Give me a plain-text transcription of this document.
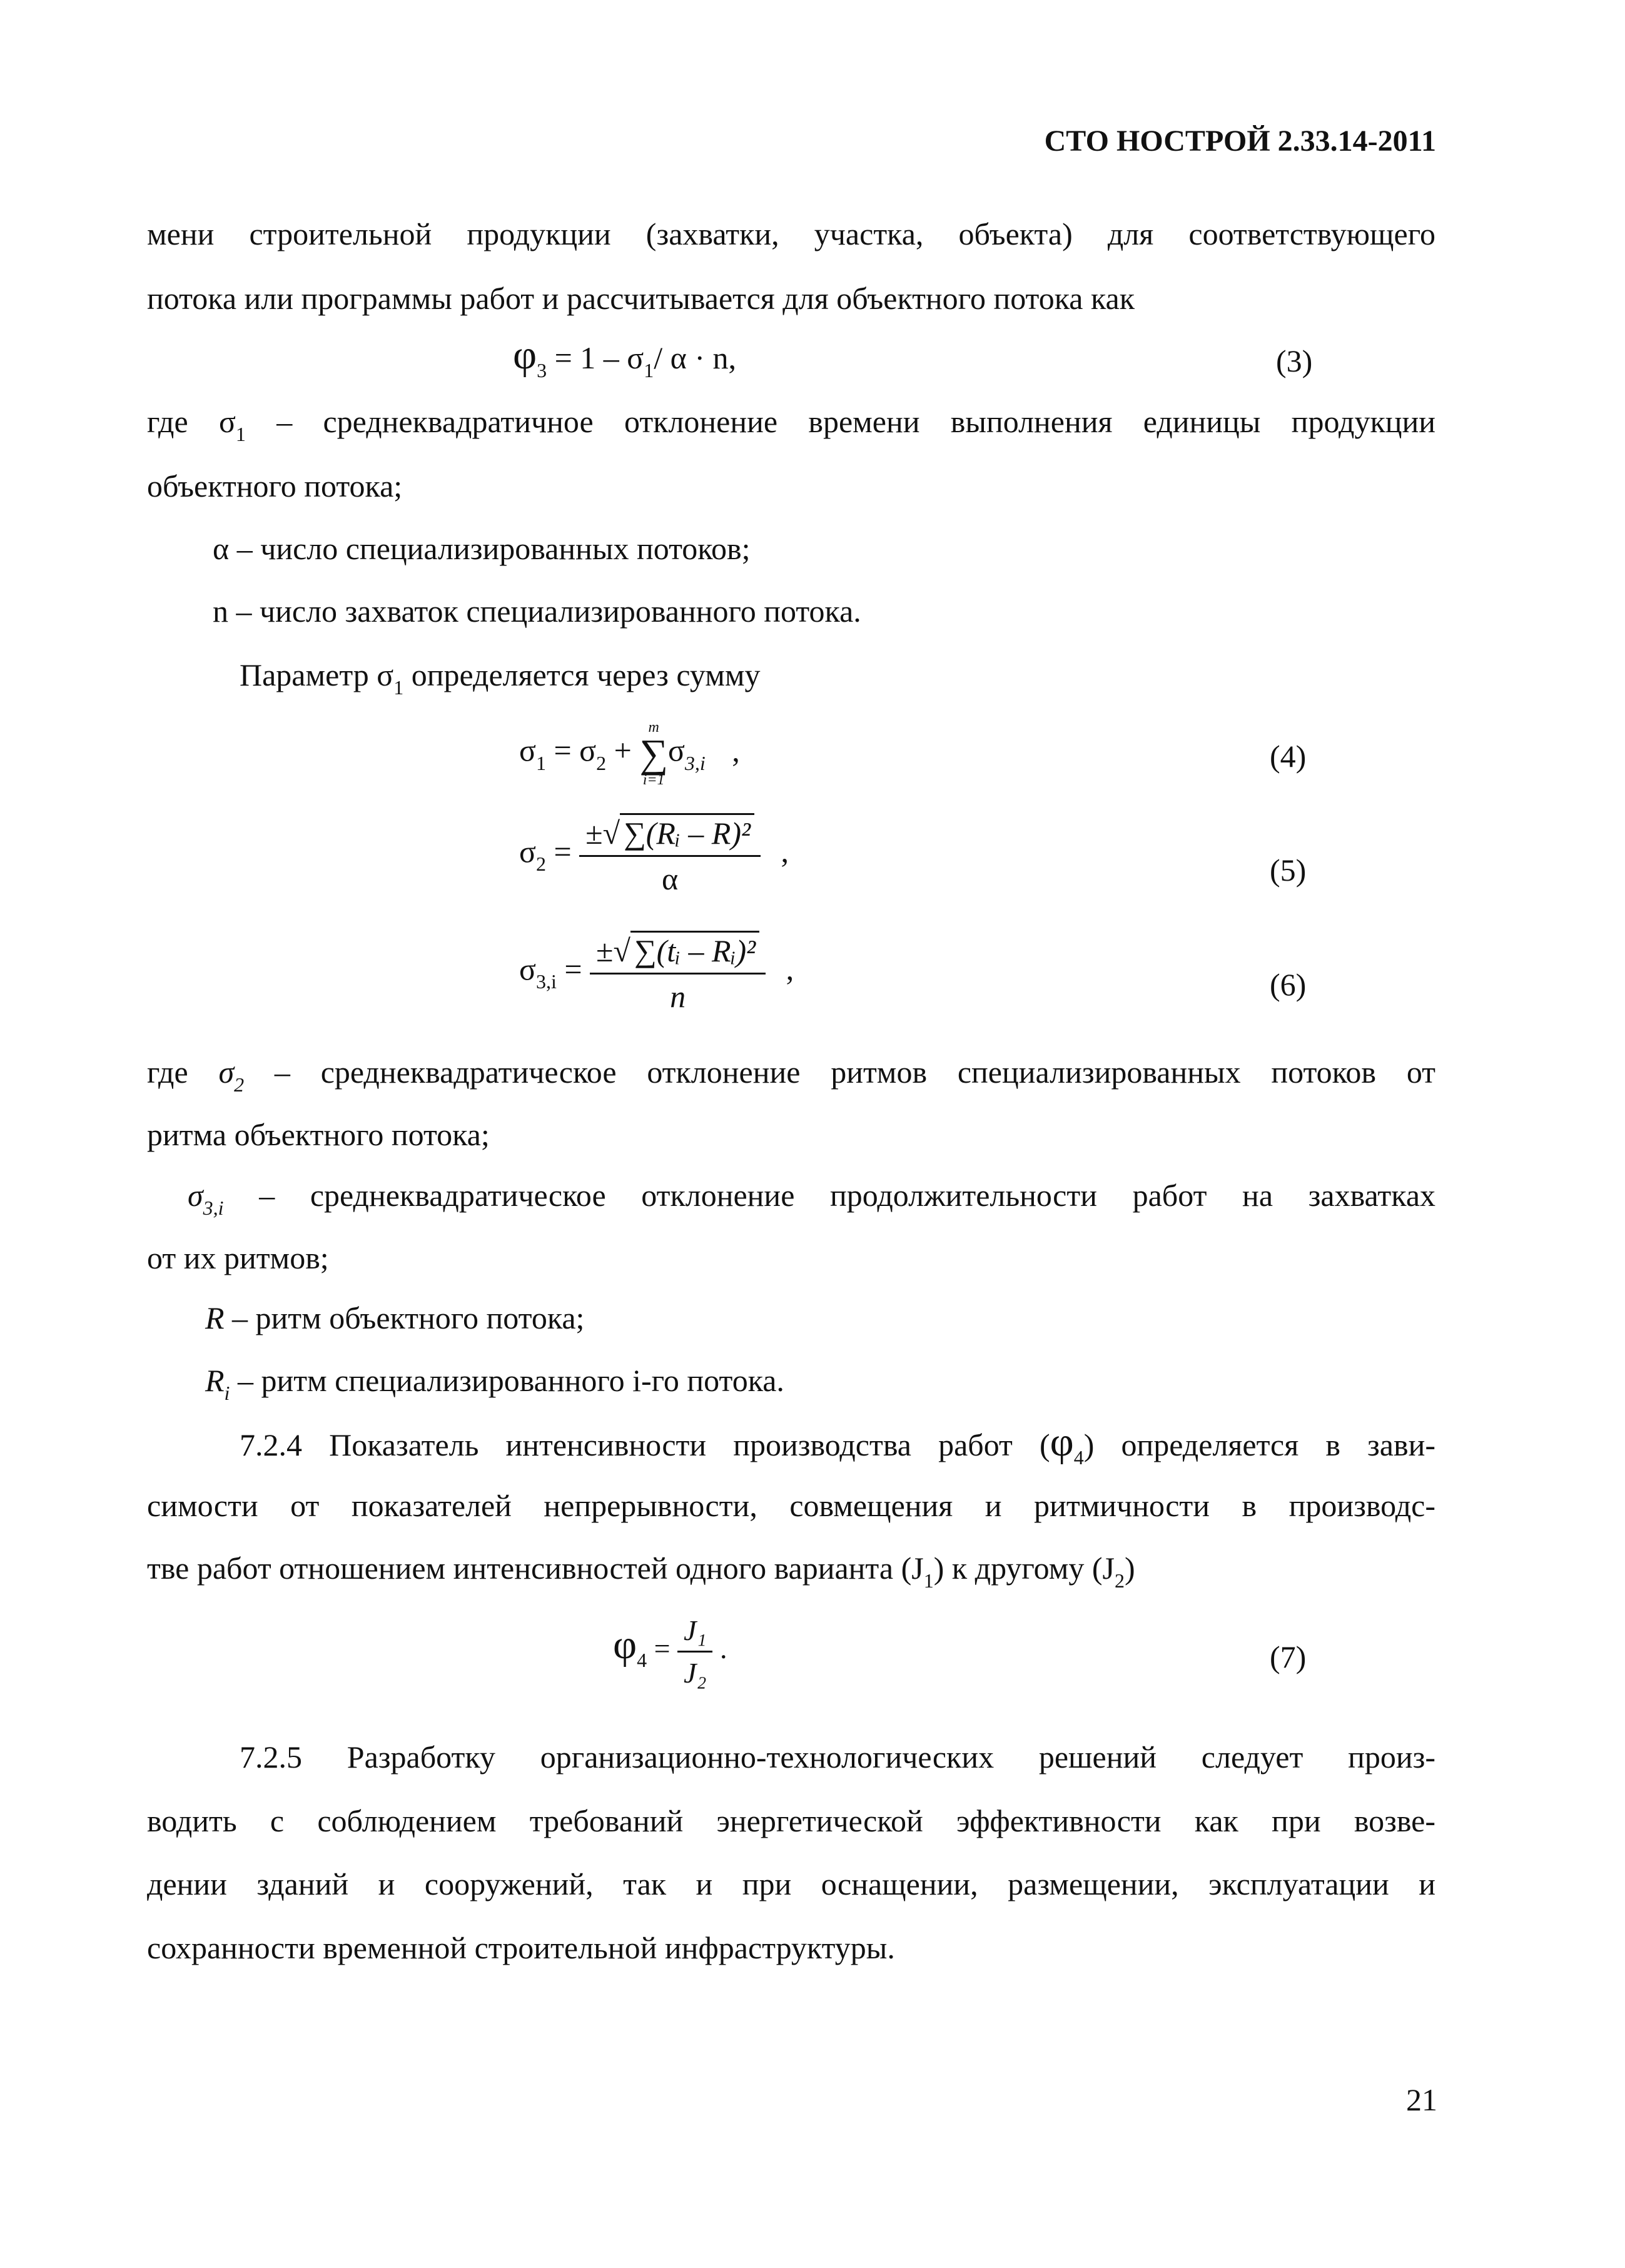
СТО НОСТРОЙ 2.33.14-2011
мени строительной продукции (захватки, участка, объекта) для соответствующего
потока или программы работ и рассчитывается для объектного потока как
$\varphi_3 = 1 - \sigma_1/$ α · n,	(3)
где $\sigma_1$ – среднеквадратичное отклонение времени выполнения единицы продукции
объектного потока;
α – число специализированных потоков;
n – число захваток специализированного потока.
Параметр $\sigma_1$ определяется через сумму
$\sigma_1 = \sigma_2 + m$
∑
$i=1\sigma_{3,i}$ ,	(4)
$\sigma_2 = \frac{\text{±√ ∑(Rᵢ – R)²}}{\alpha}$ ,
(5)
$\sigma_{3,i} = \frac{\text{±√ ∑(tᵢ – Rᵢ)²}}{n}$ ,	(6)
где $\sigma_2$ – среднеквадратическое отклонение ритмов специализированных потоков от
ритма объектного потока;
$\sigma_{3,i}$ – среднеквадратическое отклонение продолжительности работ на захватках
от их ритмов;
R – ритм объектного потока;
$R_i$ – ритм специализированного i-го потока.
7.2.4 Показатель интенсивности производства работ $(\varphi_4)$ определяется в зави-
симости от показателей непрерывности, совмещения и ритмичности в производс-
тве работ отношением интенсивностей одного варианта $(J_1)$ к другому $(J_2)$
$\varphi_4 = \frac{\text{J₁}}{\text{J₂}}$ .	(7)
7.2.5 Разработку организационно-технологических решений следует произ-
водить с соблюдением требований энергетической эффективности как при возве-
дении зданий и сооружений, так и при оснащении, размещении, эксплуатации и
сохранности временной строительной инфраструктуры.
21
